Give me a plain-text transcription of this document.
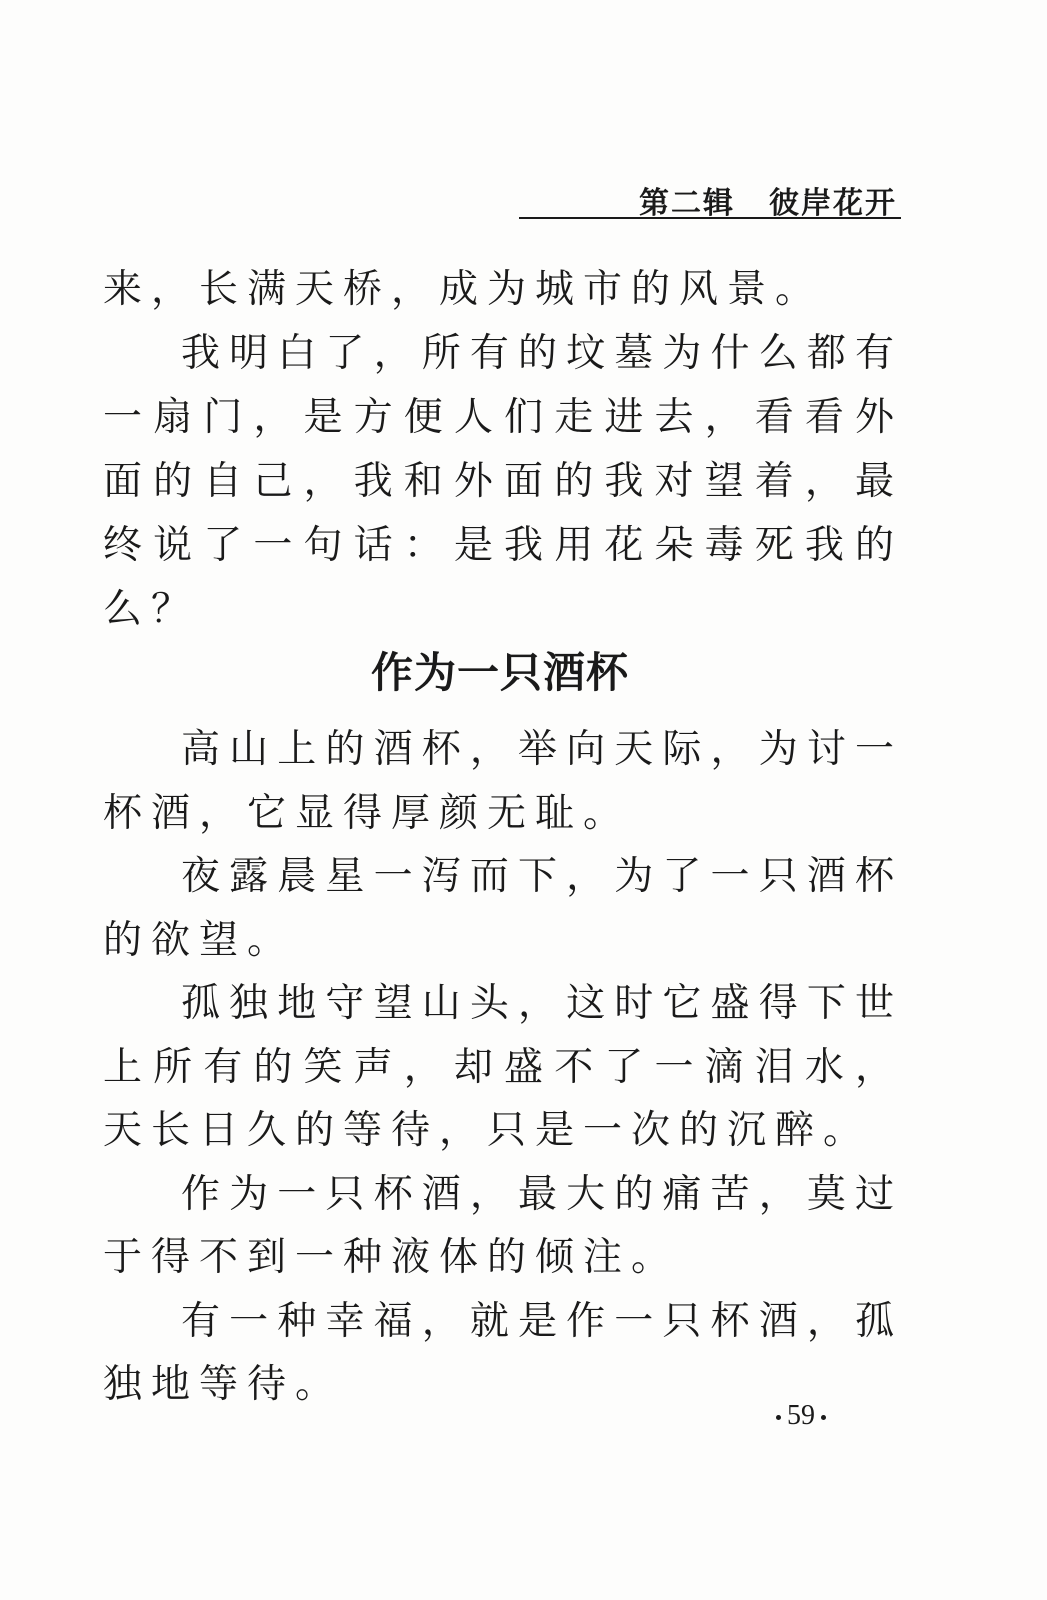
第二辑 彼岸花开

来，长满天桥，成为城市的风景。

我明白了，所有的坟墓为什么都有一扇门，是方便人们走进去，看看外面的自己，我和外面的我对望着，最终说了一句话：是我用花朵毒死我的么？

作为一只酒杯

高山上的酒杯，举向天际，为讨一杯酒，它显得厚颜无耻。

夜露晨星一泻而下，为了一只酒杯的欲望。

孤独地守望山头，这时它盛得下世上所有的笑声，却盛不了一滴泪水，天长日久的等待，只是一次的沉醉。

作为一只杯酒，最大的痛苦，莫过于得不到一种液体的倾注。

有一种幸福，就是作一只杯酒，孤独地等待。

59
